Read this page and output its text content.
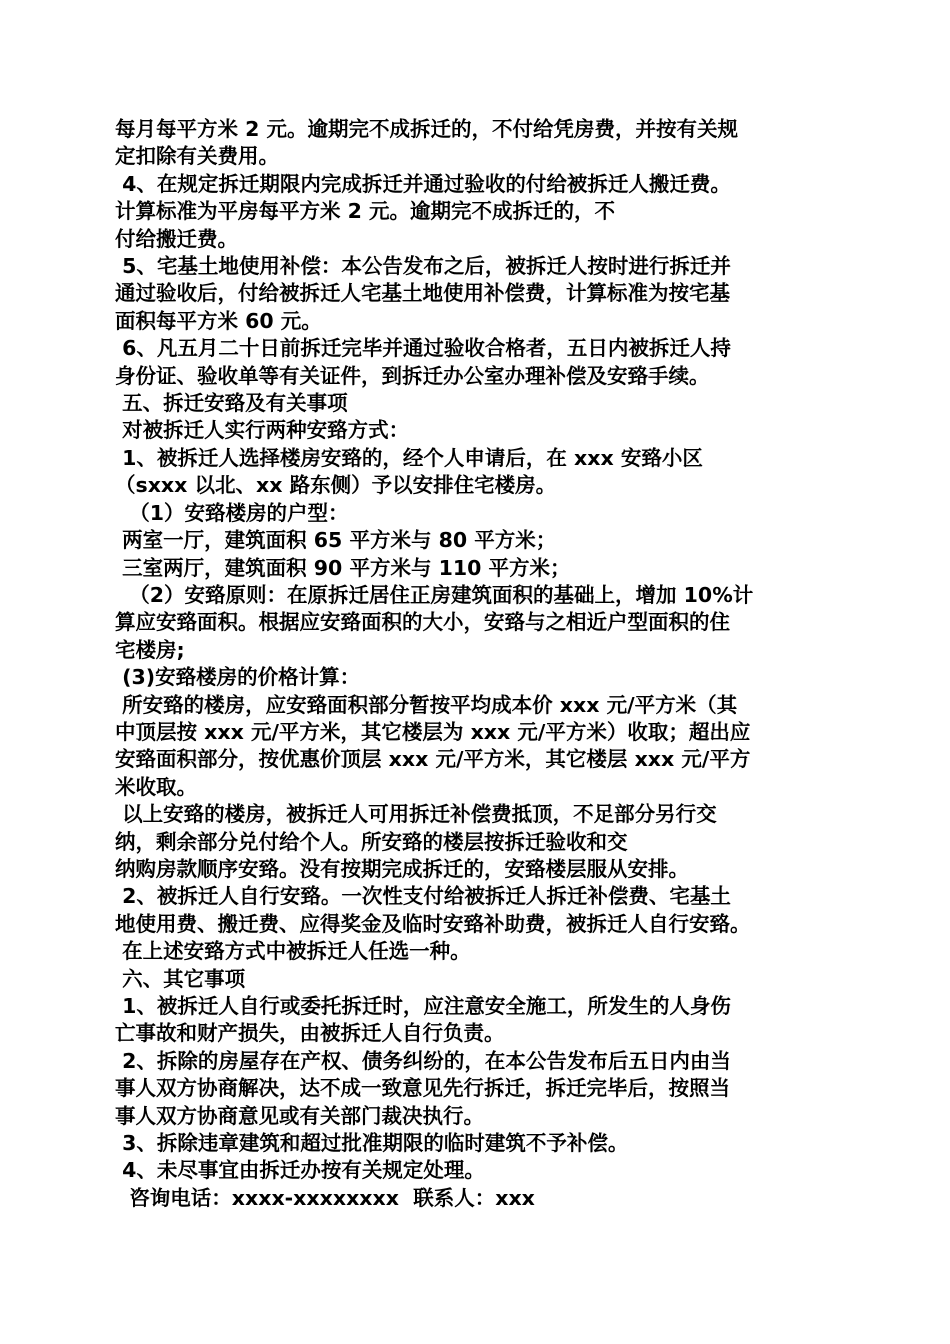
每月每平方米 2 元。逾期完不成拆迁的，不付给凭房费，并按有关规
定扣除有关费用。
4、在规定拆迁期限内完成拆迁并通过验收的付给被拆迁人搬迁费。
计算标准为平房每平方米 2 元。逾期完不成拆迁的，不
付给搬迁费。
5、宅基土地使用补偿：本公告发布之后，被拆迁人按时进行拆迁并
通过验收后，付给被拆迁人宅基土地使用补偿费，计算标准为按宅基
面积每平方米 60 元。
6、凡五月二十日前拆迁完毕并通过验收合格者，五日内被拆迁人持
身份证、验收单等有关证件，到拆迁办公室办理补偿及安臵手续。
五、拆迁安臵及有关事项
对被拆迁人实行两种安臵方式：
1、被拆迁人选择楼房安臵的，经个人申请后，在 xxx 安臵小区
（sxxx 以北、xx 路东侧）予以安排住宅楼房。
（1）安臵楼房的户型：
两室一厅，建筑面积 65 平方米与 80 平方米；
三室两厅，建筑面积 90 平方米与 110 平方米；
（2）安臵原则：在原拆迁居住正房建筑面积的基础上，增加 10%计
算应安臵面积。根据应安臵面积的大小，安臵与之相近户型面积的住
宅楼房;
(3)安臵楼房的价格计算：
所安臵的楼房，应安臵面积部分暂按平均成本价 xxx 元/平方米（其
中顶层按 xxx 元/平方米，其它楼层为 xxx 元/平方米）收取；超出应
安臵面积部分，按优惠价顶层 xxx 元/平方米，其它楼层 xxx 元/平方
米收取。
以上安臵的楼房，被拆迁人可用拆迁补偿费抵顶，不足部分另行交
纳，剩余部分兑付给个人。所安臵的楼层按拆迁验收和交
纳购房款顺序安臵。没有按期完成拆迁的，安臵楼层服从安排。
2、被拆迁人自行安臵。一次性支付给被拆迁人拆迁补偿费、宅基土
地使用费、搬迁费、应得奖金及临时安臵补助费，被拆迁人自行安臵。
在上述安臵方式中被拆迁人任选一种。
六、其它事项
1、被拆迁人自行或委托拆迁时，应注意安全施工，所发生的人身伤
亡事故和财产损失，由被拆迁人自行负责。
2、拆除的房屋存在产权、债务纠纷的，在本公告发布后五日内由当
事人双方协商解决，达不成一致意见先行拆迁，拆迁完毕后，按照当
事人双方协商意见或有关部门裁决执行。
3、拆除违章建筑和超过批准期限的临时建筑不予补偿。
4、未尽事宜由拆迁办按有关规定处理。
咨询电话：xxxx-xxxxxxxx  联系人：xxx
